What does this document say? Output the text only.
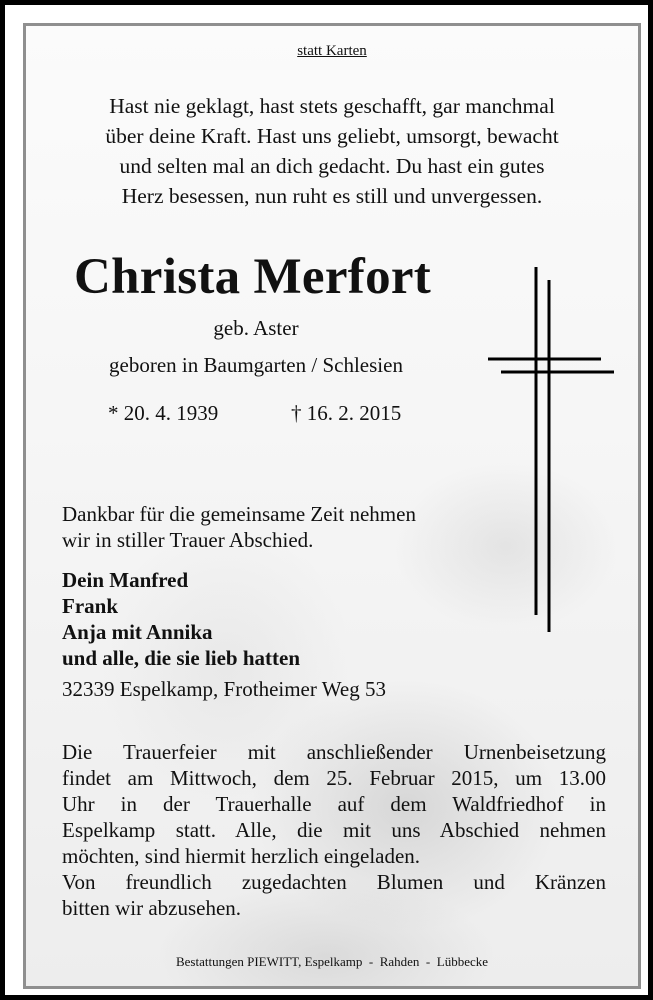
statt Karten
Hast nie geklagt, hast stets geschafft, gar manchmal
über deine Kraft. Hast uns geliebt, umsorgt, bewacht
und selten mal an dich gedacht. Du hast ein gutes
Herz besessen, nun ruht es still und unvergessen.
Christa Merfort
geb. Aster
geboren in Baumgarten / Schlesien
* 20. 4. 1939	† 16. 2. 2015
Dankbar für die gemeinsame Zeit nehmen
wir in stiller Trauer Abschied.
Dein Manfred
Frank
Anja mit Annika
und alle, die sie lieb hatten
32339 Espelkamp, Frotheimer Weg 53

Die Trauerfeier mit anschließender Urnenbeisetzung

findet am Mittwoch, dem 25. Februar 2015, um 13.00

Uhr in der Trauerhalle auf dem Waldfriedhof in

Espelkamp statt. Alle, die mit uns Abschied nehmen

möchten, sind hiermit herzlich eingeladen.

Von freundlich zugedachten Blumen und Kränzen

bitten wir abzusehen.

Bestattungen PIEWITT, Espelkamp  -  Rahden  -  Lübbecke
